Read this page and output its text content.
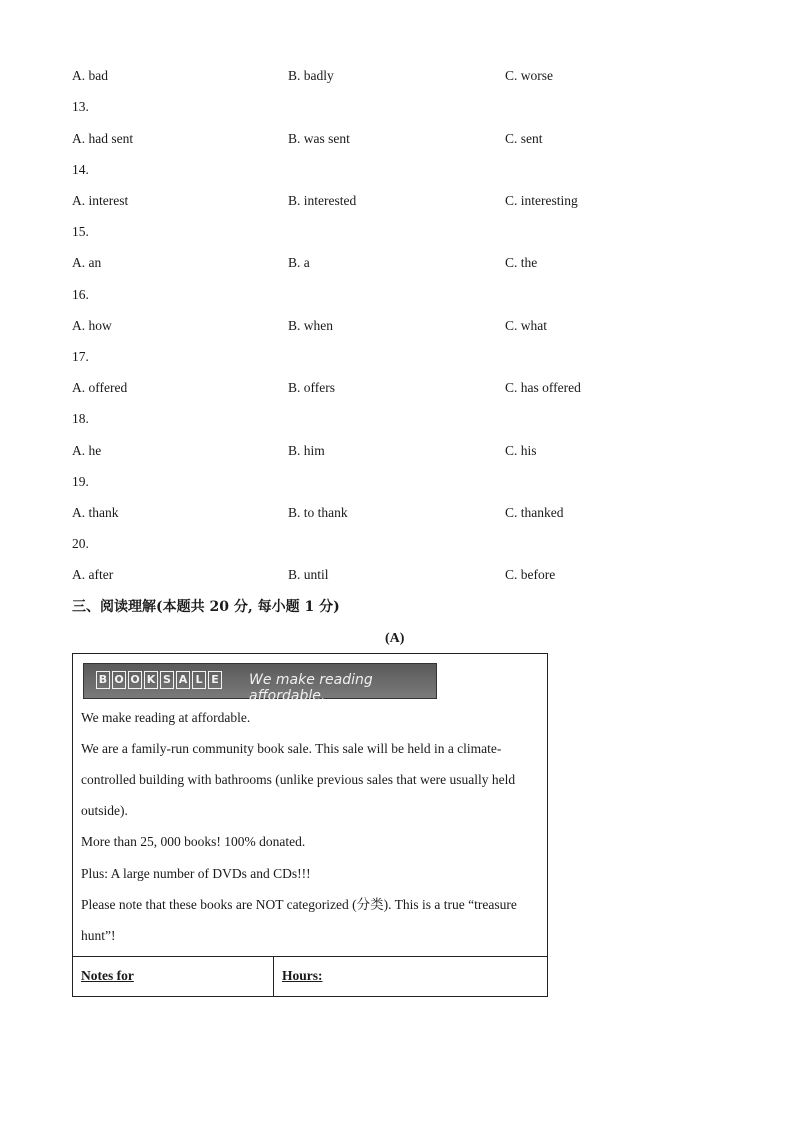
A. bad	B. badly	C. worse
13.
A. had sent	B. was sent	C. sent
14.
A. interest	B. interested	C. interesting
15.
A. an	B. a	C. the
16.
A. how	B. when	C. what
17.
A. offered	B. offers	C. has offered
18.
A. he	B. him	C. his
19.
A. thank	B. to thank	C. thanked
20.
A. after	B. until	C. before
三、阅读理解(本题共 20 分, 每小题 1 分)
(A)
B O O K S A L E We make reading affordable.
We make reading at affordable.
We are a family-run community book sale. This sale will be held in a climate-controlled building with bathrooms (unlike previous sales that were usually held outside).
More than 25, 000 books! 100% donated.
Plus: A large number of DVDs and CDs!!!
Please note that these books are NOT categorized (分类). This is a true “treasure hunt”!
Notes for	Hours:
